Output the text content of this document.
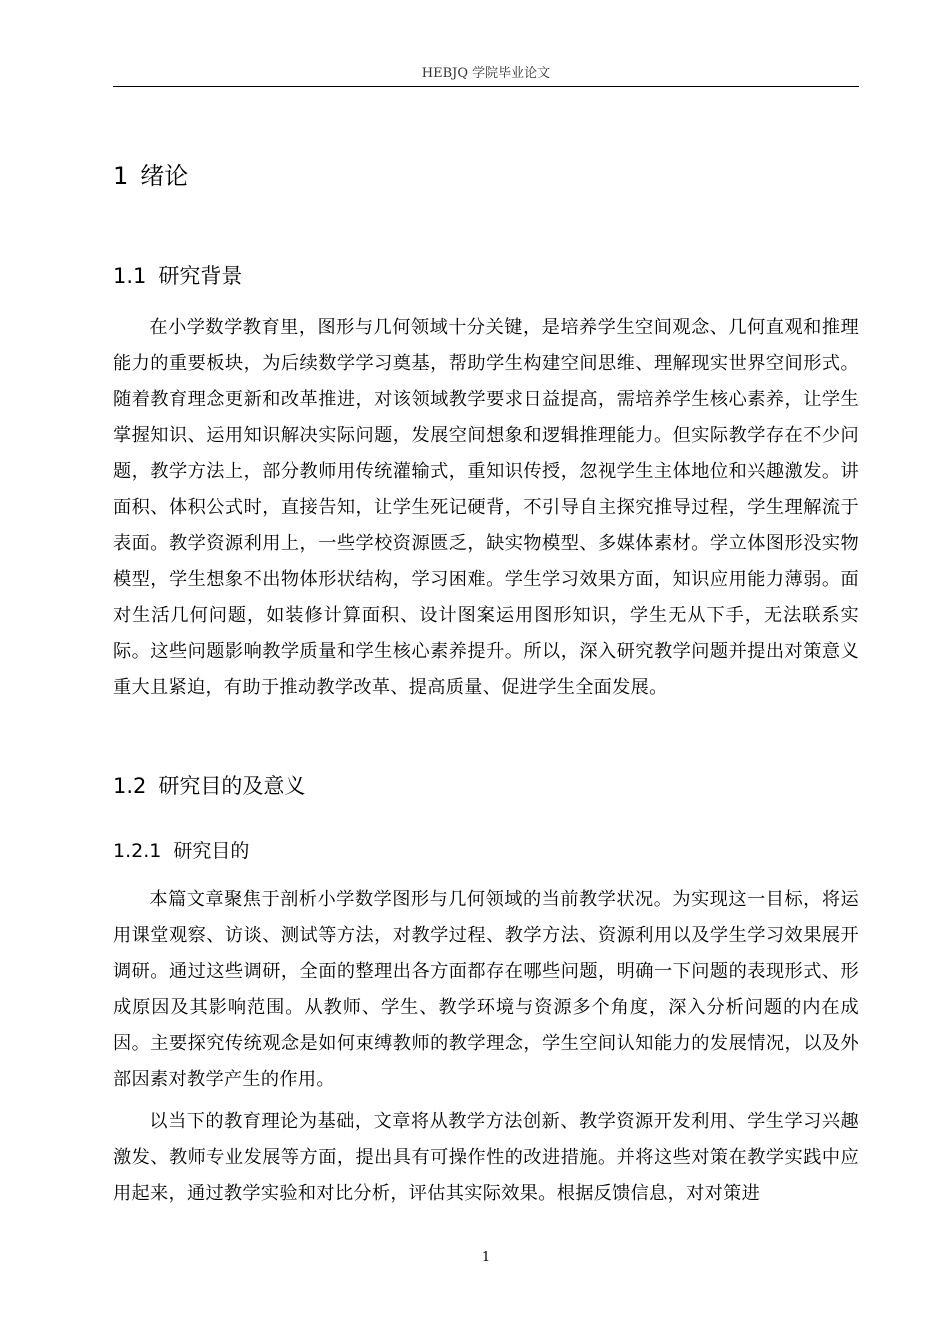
HEBJQ 学院毕业论文
1 绪论
1.1 研究背景

在小学数学教育里，图形与几何领域十分关键，是培养学生空间观念、几何直观和推理能力的重要板块，为后续数学学习奠基，帮助学生构建空间思维、理解现实世界空间形式。随着教育理念更新和改革推进，对该领域教学要求日益提高，需培养学生核心素养，让学生掌握知识、运用知识解决实际问题，发展空间想象和逻辑推理能力。但实际教学存在不少问题，教学方法上，部分教师用传统灌输式，重知识传授，忽视学生主体地位和兴趣激发。讲面积、体积公式时，直接告知，让学生死记硬背，不引导自主探究推导过程，学生理解流于表面。教学资源利用上，一些学校资源匮乏，缺实物模型、多媒体素材。学立体图形没实物模型，学生想象不出物体形状结构，学习困难。学生学习效果方面，知识应用能力薄弱。面对生活几何问题，如装修计算面积、设计图案运用图形知识，学生无从下手，无法联系实际。这些问题影响教学质量和学生核心素养提升。所以，深入研究教学问题并提出对策意义重大且紧迫，有助于推动教学改革、提高质量、促进学生全面发展。

1.2 研究目的及意义
1.2.1 研究目的

本篇文章聚焦于剖析小学数学图形与几何领域的当前教学状况。为实现这一目标，将运用课堂观察、访谈、测试等方法，对教学过程、教学方法、资源利用以及学生学习效果展开调研。通过这些调研，全面的整理出各方面都存在哪些问题，明确一下问题的表现形式、形成原因及其影响范围。从教师、学生、教学环境与资源多个角度，深入分析问题的内在成因。主要探究传统观念是如何束缚教师的教学理念，学生空间认知能力的发展情况，以及外部因素对教学产生的作用。

以当下的教育理论为基础，文章将从教学方法创新、教学资源开发利用、学生学习兴趣激发、教师专业发展等方面，提出具有可操作性的改进措施。并将这些对策在教学实践中应用起来，通过教学实验和对比分析，评估其实际效果。根据反馈信息，对对策进

1
